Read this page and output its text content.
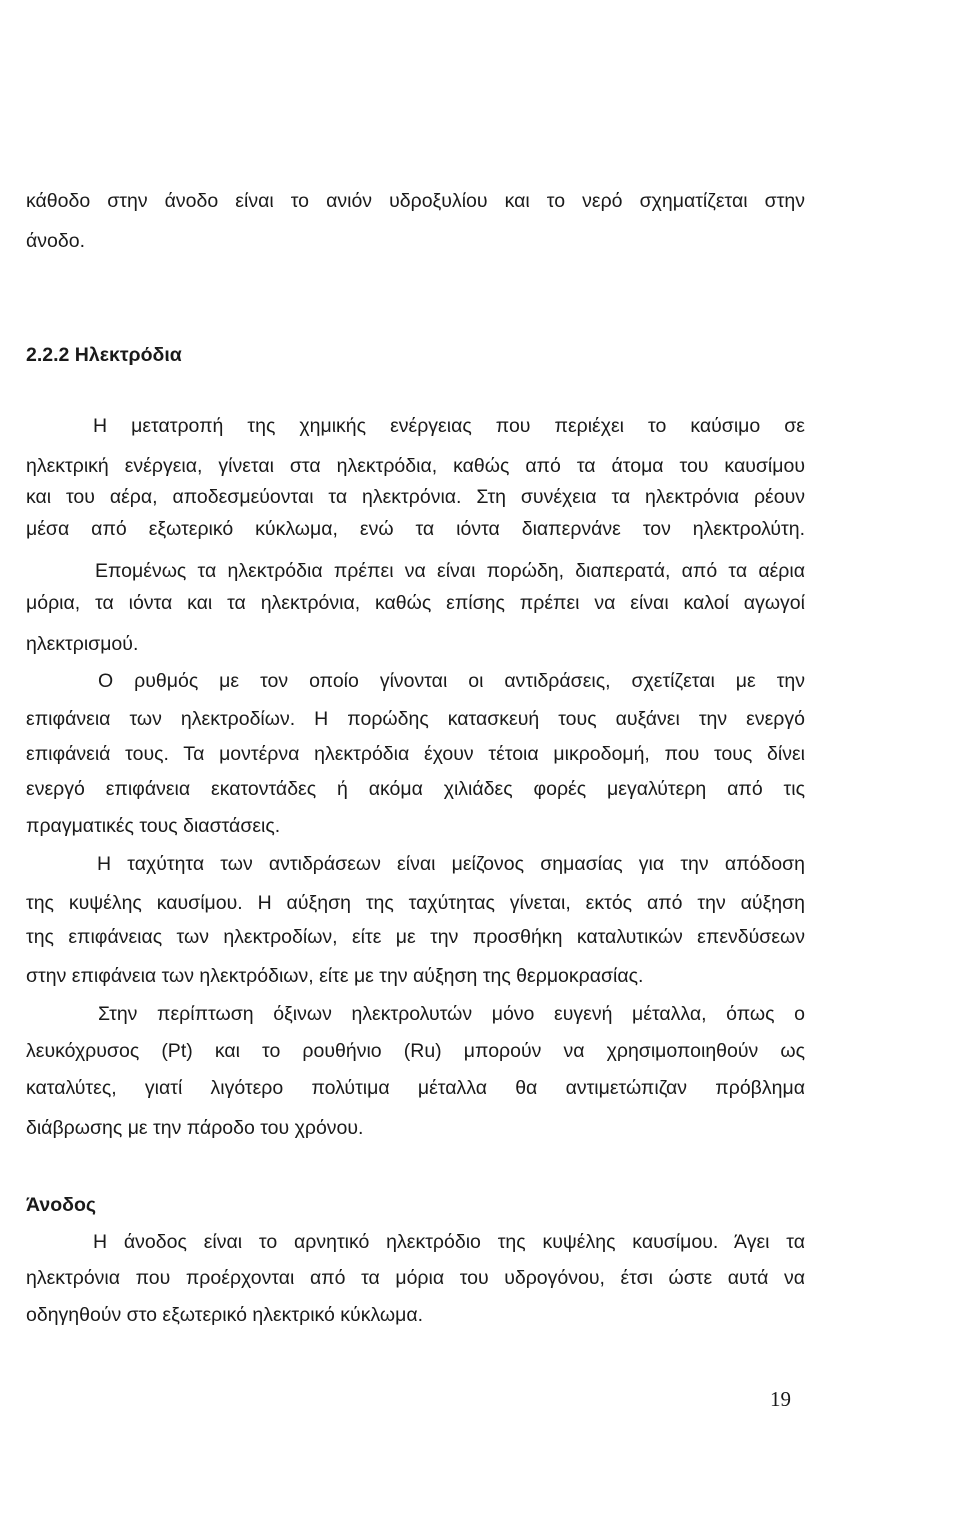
κάθοδο στην άνοδο είναι το ανιόν υδροξυλίου και το νερό σχηματίζεται στην
άνοδο.
2.2.2 Ηλεκτρόδια
Η μετατροπή της χημικής ενέργειας που περιέχει το καύσιμο σε
ηλεκτρική ενέργεια, γίνεται στα ηλεκτρόδια, καθώς από τα άτομα του καυσίμου
και του αέρα, αποδεσμεύονται τα ηλεκτρόνια. Στη συνέχεια τα ηλεκτρόνια ρέουν
μέσα από εξωτερικό κύκλωμα, ενώ τα ιόντα διαπερνάνε τον ηλεκτρολύτη.
Επομένως τα ηλεκτρόδια πρέπει να είναι πορώδη, διαπερατά, από τα αέρια
μόρια, τα ιόντα και τα ηλεκτρόνια, καθώς επίσης πρέπει να είναι καλοί αγωγοί
ηλεκτρισμού.
Ο ρυθμός με τον οποίο γίνονται οι αντιδράσεις, σχετίζεται με την
επιφάνεια των ηλεκτροδίων. Η πορώδης κατασκευή τους αυξάνει την ενεργό
επιφάνειά τους. Τα μοντέρνα ηλεκτρόδια έχουν τέτοια μικροδομή, που τους δίνει
ενεργό επιφάνεια εκατοντάδες ή ακόμα χιλιάδες φορές μεγαλύτερη από τις
πραγματικές τους διαστάσεις.
Η ταχύτητα των αντιδράσεων είναι μείζονος σημασίας για την απόδοση
της κυψέλης καυσίμου. Η αύξηση της ταχύτητας γίνεται, εκτός από την αύξηση
της επιφάνειας των ηλεκτροδίων, είτε με την προσθήκη καταλυτικών επενδύσεων
στην επιφάνεια των ηλεκτρόδιων, είτε με την αύξηση της θερμοκρασίας.
Στην περίπτωση όξινων ηλεκτρολυτών μόνο ευγενή μέταλλα, όπως ο
λευκόχρυσος (Pt) και το ρουθήνιο (Ru) μπορούν να χρησιμοποιηθούν ως
καταλύτες, γιατί λιγότερο πολύτιμα μέταλλα θα αντιμετώπιζαν πρόβλημα
διάβρωσης με την πάροδο του χρόνου.
Άνοδος
Η άνοδος είναι το αρνητικό ηλεκτρόδιο της κυψέλης καυσίμου. Άγει τα
ηλεκτρόνια που προέρχονται από τα μόρια του υδρογόνου, έτσι ώστε αυτά να
οδηγηθούν στο εξωτερικό ηλεκτρικό κύκλωμα.
19
